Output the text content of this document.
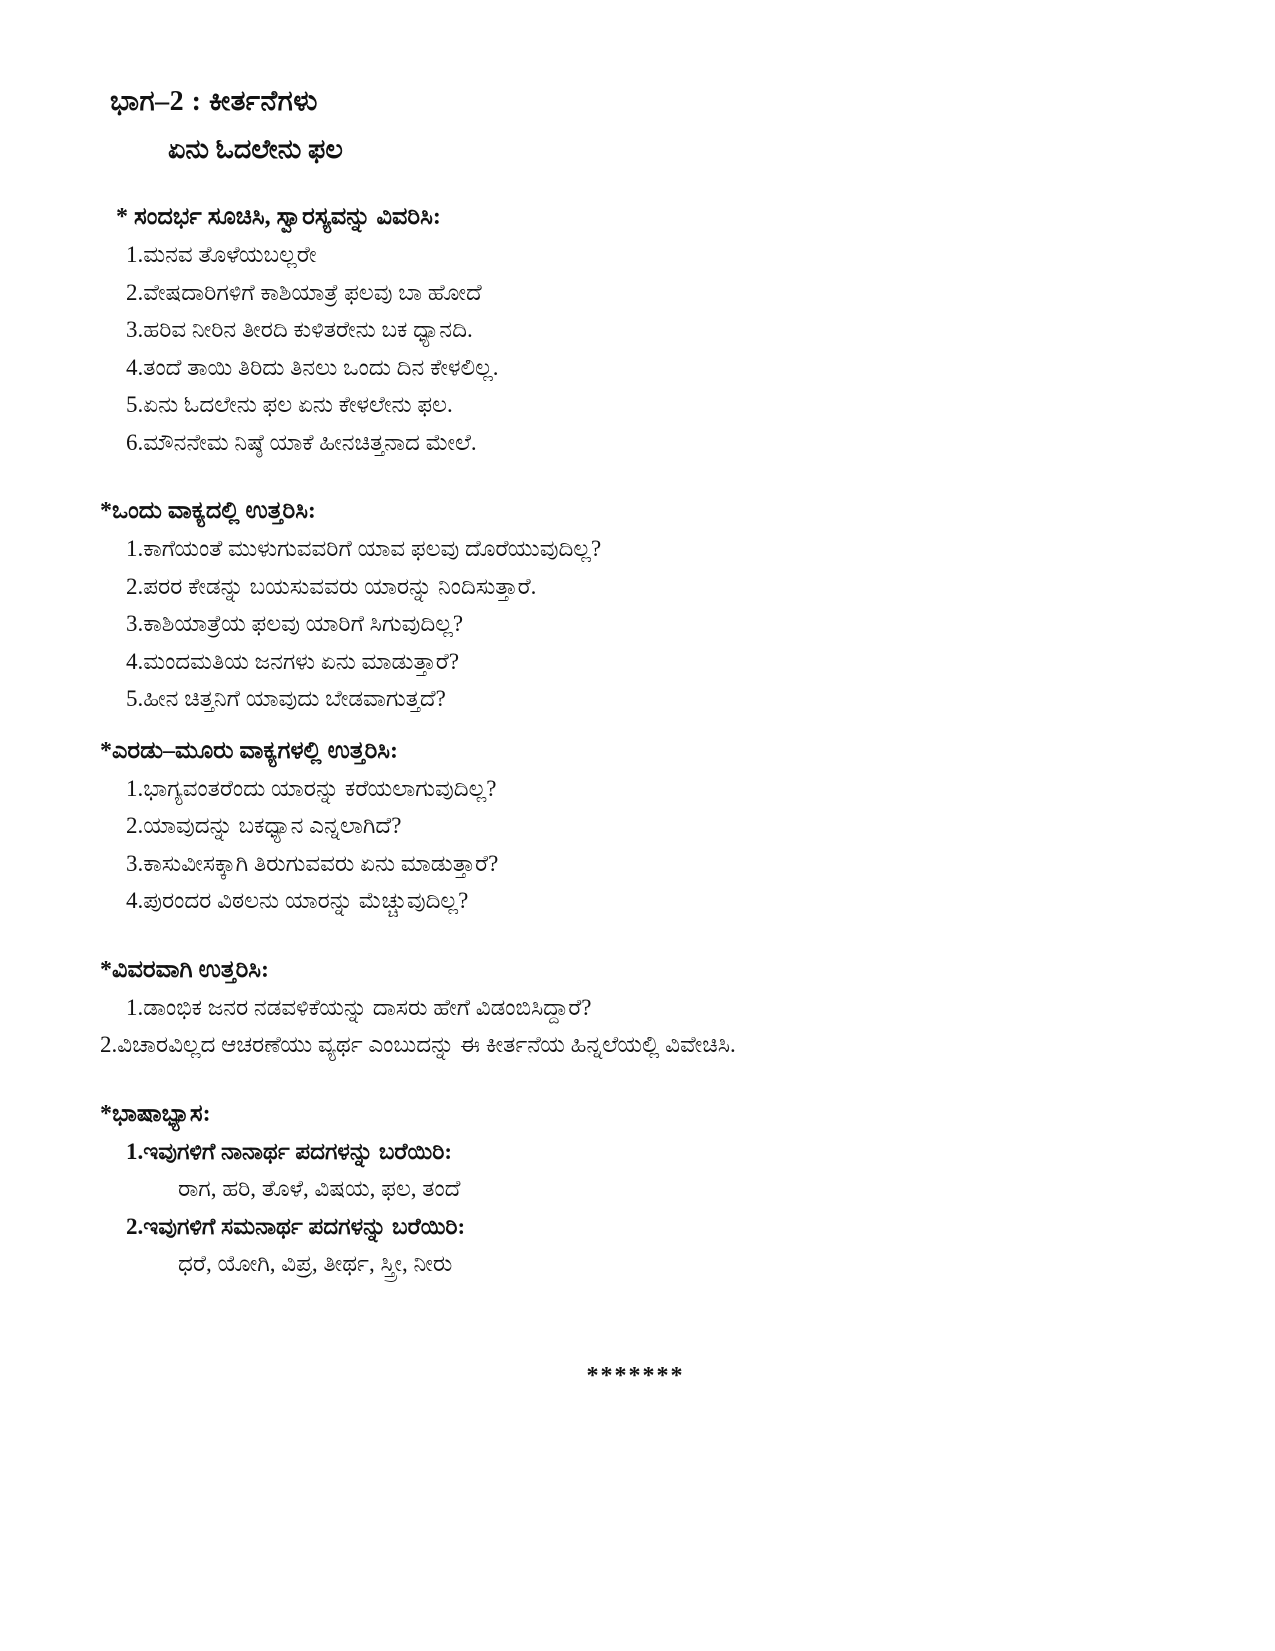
ಭಾಗ–2 : ಕೀರ್ತನೆಗಳು
ಏನು ಓದಲೇನು ಫಲ

* ಸಂದರ್ಭ ಸೂಚಿಸಿ, ಸ್ವಾರಸ್ಯವನ್ನು ವಿವರಿಸಿ:

1.ಮನವ ತೊಳೆಯಬಲ್ಲರೇ

2.ವೇಷದಾರಿಗಳಿಗೆ ಕಾಶಿಯಾತ್ರೆ ಫಲವು ಬಾ ಹೋದೆ

3.ಹರಿವ ನೀರಿನ ತೀರದಿ ಕುಳಿತರೇನು ಬಕ ಧ್ಯಾನದಿ.

4.ತಂದೆ ತಾಯಿ ತಿರಿದು ತಿನಲು ಒಂದು ದಿನ ಕೇಳಲಿಲ್ಲ.

5.ಏನು ಓದಲೇನು ಫಲ ಏನು ಕೇಳಲೇನು ಫಲ.

6.ಮೌನನೇಮ ನಿಷ್ಠೆ ಯಾಕೆ ಹೀನಚಿತ್ತನಾದ ಮೇಲೆ.

*ಒಂದು ವಾಕ್ಯದಲ್ಲಿ ಉತ್ತರಿಸಿ:

1.ಕಾಗೆಯಂತೆ ಮುಳುಗುವವರಿಗೆ ಯಾವ ಫಲವು ದೊರೆಯುವುದಿಲ್ಲ?

2.ಪರರ ಕೇಡನ್ನು ಬಯಸುವವರು ಯಾರನ್ನು ನಿಂದಿಸುತ್ತಾರೆ.

3.ಕಾಶಿಯಾತ್ರೆಯ ಫಲವು ಯಾರಿಗೆ ಸಿಗುವುದಿಲ್ಲ?

4.ಮಂದಮತಿಯ ಜನಗಳು ಏನು ಮಾಡುತ್ತಾರೆ?

5.ಹೀನ ಚಿತ್ತನಿಗೆ ಯಾವುದು ಬೇಡವಾಗುತ್ತದೆ?

*ಎರಡು–ಮೂರು ವಾಕ್ಯಗಳಲ್ಲಿ ಉತ್ತರಿಸಿ:

1.ಭಾಗ್ಯವಂತರೆಂದು ಯಾರನ್ನು ಕರೆಯಲಾಗುವುದಿಲ್ಲ?

2.ಯಾವುದನ್ನು ಬಕಧ್ಯಾನ ಎನ್ನಲಾಗಿದೆ?

3.ಕಾಸುವೀಸಕ್ಕಾಗಿ ತಿರುಗುವವರು ಏನು ಮಾಡುತ್ತಾರೆ?

4.ಪುರಂದರ ವಿಠಲನು ಯಾರನ್ನು ಮೆಚ್ಚುವುದಿಲ್ಲ?

*ವಿವರವಾಗಿ ಉತ್ತರಿಸಿ:

1.ಡಾಂಭಿಕ ಜನರ ನಡವಳಿಕೆಯನ್ನು ದಾಸರು ಹೇಗೆ ವಿಡಂಬಿಸಿದ್ದಾರೆ?

2.ವಿಚಾರವಿಲ್ಲದ ಆಚರಣೆಯು ವ್ಯರ್ಥ ಎಂಬುದನ್ನು ಈ ಕೀರ್ತನೆಯ ಹಿನ್ನಲೆಯಲ್ಲಿ ವಿವೇಚಿಸಿ.

*ಭಾಷಾಭ್ಯಾಸ:

1.ಇವುಗಳಿಗೆ ನಾನಾರ್ಥ ಪದಗಳನ್ನು ಬರೆಯಿರಿ:

ರಾಗ, ಹರಿ, ತೊಳೆ, ವಿಷಯ, ಫಲ, ತಂದೆ

2.ಇವುಗಳಿಗೆ ಸಮನಾರ್ಥ ಪದಗಳನ್ನು ಬರೆಯಿರಿ:

ಧರೆ, ಯೋಗಿ, ವಿಪ್ರ, ತೀರ್ಥ, ಸ್ತ್ರೀ, ನೀರು

*******
